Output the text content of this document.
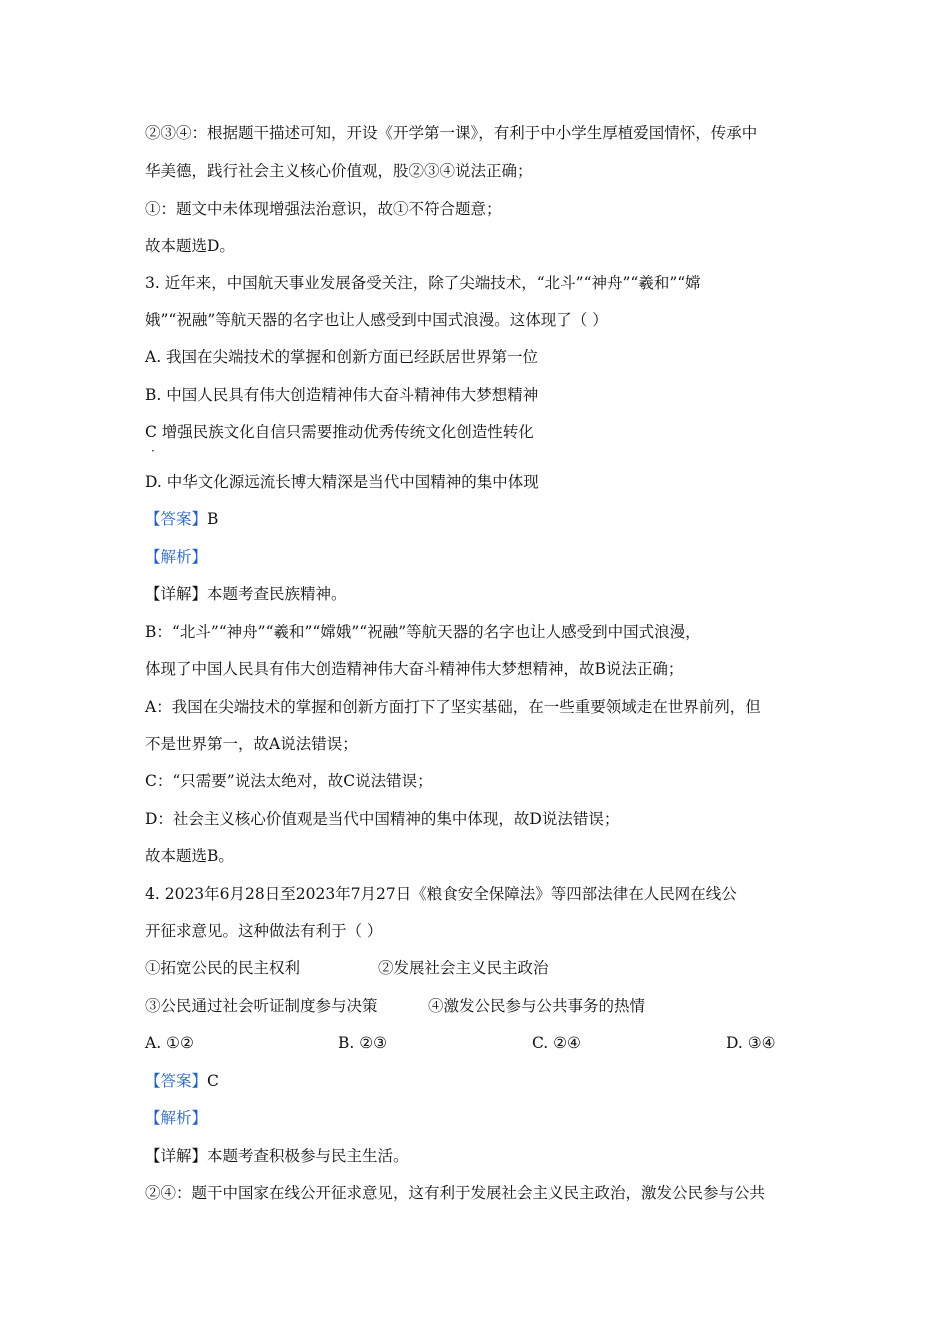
②③④：根据题干描述可知，开设《开学第一课》，有利于中小学生厚植爱国情怀，传承中
华美德，践行社会主义核心价值观，股②③④说法正确；
①：题文中未体现增强法治意识，故①不符合题意；
故本题选D。
3. 近年来，中国航天事业发展备受关注，除了尖端技术，“北斗”“神舟”“羲和”“嫦
娥”“祝融”等航天器的名字也让人感受到中国式浪漫。这体现了（ ）
A. 我国在尖端技术的掌握和创新方面已经跃居世界第一位
B. 中国人民具有伟大创造精神伟大奋斗精神伟大梦想精神
C 增强民族文化自信只需要推动优秀传统文化创造性转化
·
D. 中华文化源远流长博大精深是当代中国精神的集中体现
【答案】B
【解析】
【详解】本题考查民族精神。
B：“北斗”“神舟”“羲和”“嫦娥”“祝融”等航天器的名字也让人感受到中国式浪漫，
体现了中国人民具有伟大创造精神伟大奋斗精神伟大梦想精神，故B说法正确；
A：我国在尖端技术的掌握和创新方面打下了坚实基础，在一些重要领域走在世界前列，但
不是世界第一，故A说法错误；
C：“只需要”说法太绝对，故C说法错误；
D：社会主义核心价值观是当代中国精神的集中体现，故D说法错误；
故本题选B。
4. 2023年6月28日至2023年7月27日《粮食安全保障法》等四部法律在人民网在线公
开征求意见。这种做法有利于（ ）
①拓宽公民的民主权利	②发展社会主义民主政治
③公民通过社会听证制度参与决策	④激发公民参与公共事务的热情
A. ①②	B. ②③	C. ②④	D. ③④
【答案】C
【解析】
【详解】本题考查积极参与民主生活。
②④：题干中国家在线公开征求意见，这有利于发展社会主义民主政治，激发公民参与公共
